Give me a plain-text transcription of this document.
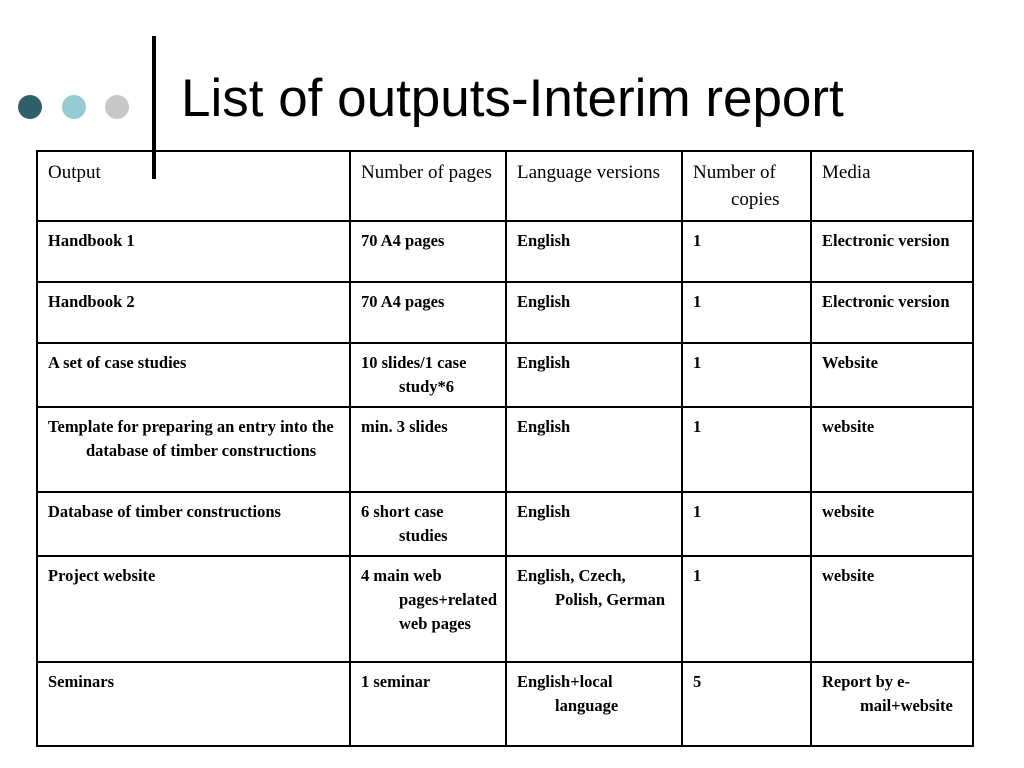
List of outputs-Interim report
Output	Number of pages	Language versions	Number of copies	Media

Handbook 1	70 A4 pages	English	1	Electronic version

Handbook 2	70 A4 pages	English	1	Electronic version

A set of case studies	10 slides/1 case study*6	English	1	Website

Template for preparing an entry into the database of timber constructions	min. 3 slides	English	1	website

Database of timber constructions	6 short case studies	English	1	website

Project website	4 main web pages+related web pages	English, Czech, Polish, German	1	website

Seminars	1 seminar	English+local language	5	Report by e-mail+website
